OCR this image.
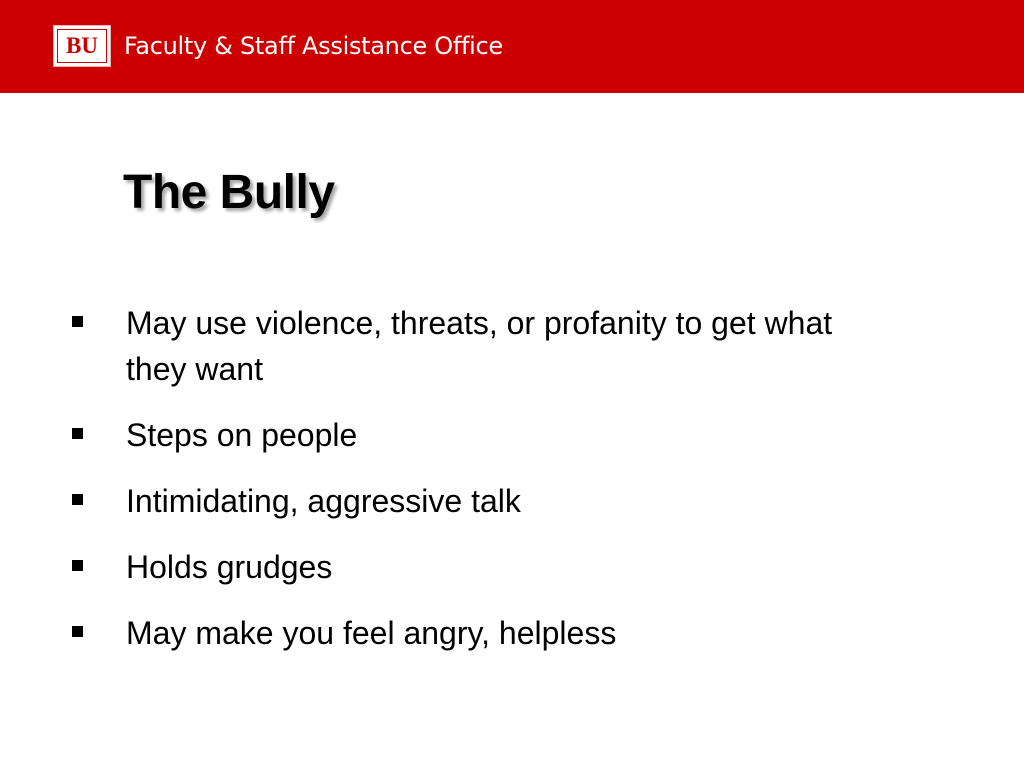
BU	Faculty & Staff Assistance Office
The Bully
May use violence, threats, or profanity to get what they want
Steps on people
Intimidating, aggressive talk
Holds grudges
May make you feel angry, helpless
